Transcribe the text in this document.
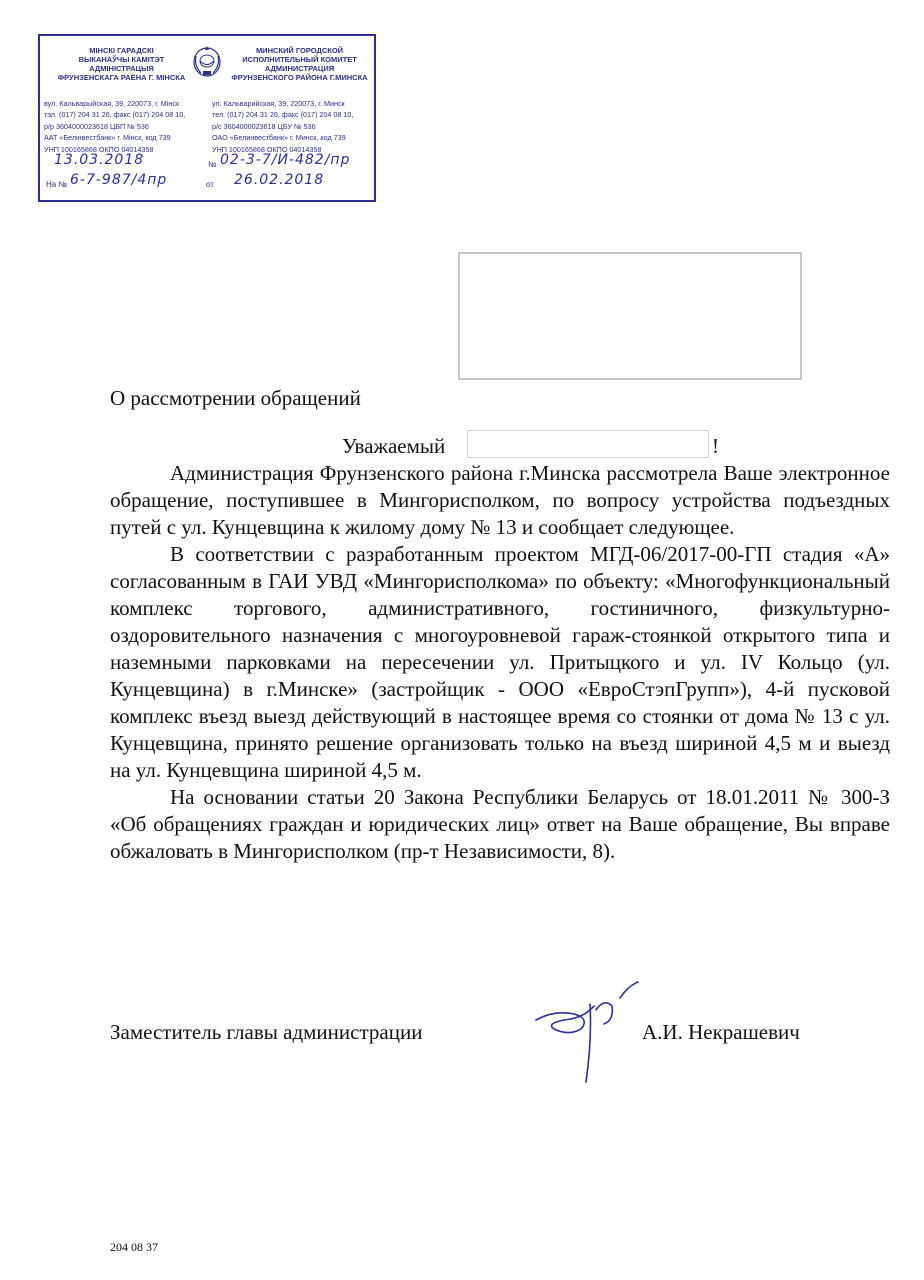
МІНСКІ ГАРАДСКІ
ВЫКАНАЎЧЫ КАМІТЭТ
АДМІНІСТРАЦЫЯ
ФРУНЗЕНСКАГА РАЁНА Г. МІНСКА
МИНСКИЙ ГОРОДСКОЙ
ИСПОЛНИТЕЛЬНЫЙ КОМИТЕТ
АДМИНИСТРАЦИЯ
ФРУНЗЕНСКОГО РАЙОНА Г.МИНСКА
вул. Кальварыйская, 39, 220073, г. Мінск
тэл. (017) 204 31 26, факс (017) 204 08 10,
р/р 3604000023618 ЦБП № 536
ААТ «Белінвестбанк» г. Мінск, код 739
УНП 100165868 ОКПО 04014358
ул. Кальварийская, 39, 220073, г. Минск
тел. (017) 204 31 26, факс (017) 204 08 10,
р/с 3604000023618 ЦБУ № 536
ОАО «Белинвестбанк» г. Минск, код 739
УНП 100165868 ОКПО 04014358
13.03.2018	№ 02-3-7/И-482/пр
На № 6-7-987/4пр	от 26.02.2018
О рассмотрении обращений
Уважаемый	!

Администрация Фрунзенского района г.Минска рассмотрела Ваше электронное обращение, поступившее в Мингорисполком, по вопросу устройства подъездных путей с ул. Кунцевщина к жилому дому № 13 и сообщает следующее.

В соответствии с разработанным проектом МГД-06/2017-00-ГП стадия «А» согласованным в ГАИ УВД «Мингорисполкома» по объекту: «Многофункциональный комплекс торгового, административного, гостиничного, физкультурно-оздоровительного назначения с многоуровневой гараж-стоянкой открытого типа и наземными парковками на пересечении ул. Притыцкого и ул. IV Кольцо (ул. Кунцевщина) в г.Минске» (застройщик - ООО «ЕвроСтэпГрупп»), 4-й пусковой комплекс въезд выезд действующий в настоящее время со стоянки от дома № 13 с ул. Кунцевщина, принято решение организовать только на въезд шириной 4,5 м и выезд на ул. Кунцевщина шириной 4,5 м.

На основании статьи 20 Закона Республики Беларусь от 18.01.2011 № 300-З «Об обращениях граждан и юридических лиц» ответ на Ваше обращение, Вы вправе обжаловать в Мингорисполком (пр-т Независимости, 8).

Заместитель главы администрации	А.И. Некрашевич
204 08 37
